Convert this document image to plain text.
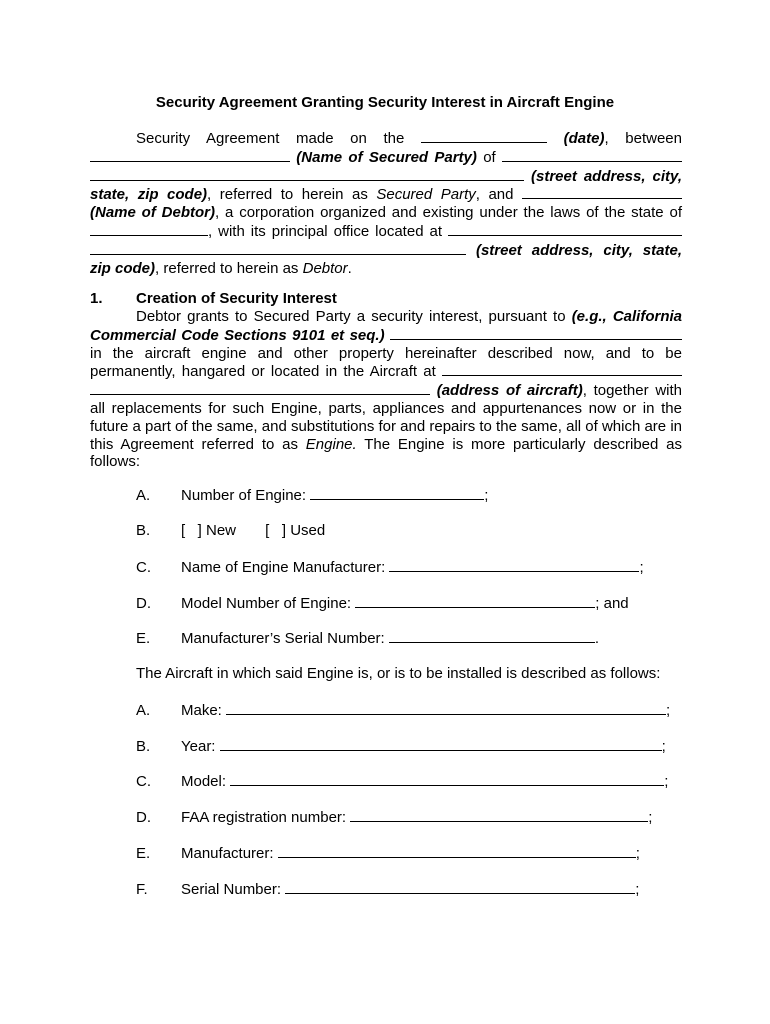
Security Agreement Granting Security Interest in Aircraft Engine

Security Agreement made on the	(date), between  (Name of Secured Party) of   (street address, city, state, zip code), referred to herein as Secured Party, and  (Name of Debtor), a corporation organized and existing under the laws of the state of , with its principal office located at   (street address, city, state, zip code), referred to herein as Debtor.

1. Creation of Security Interest

Debtor grants to Secured Party a security interest, pursuant to (e.g., California Commercial Code Sections 9101 et seq.)  in the aircraft engine and other property hereinafter described now, and to be permanently, hangared or located in the Aircraft at   (address of aircraft), together with all replacements for such Engine, parts, appliances and appurtenances now or in the future a part of the same, and substitutions for and repairs to the same, all of which are in this Agreement referred to as Engine. The Engine is more particularly described as follows:

A. Number of Engine:	;
B. [   ] New       [   ] Used
C. Name of Engine Manufacturer:	;
D. Model Number of Engine:	; and
E. Manufacturer’s Serial Number:	.
The Aircraft in which said Engine is, or is to be installed is described as follows:
A. Make:	;
B. Year:	;
C. Model:	;
D. FAA registration number:	;
E. Manufacturer:	;
F. Serial Number:	;
